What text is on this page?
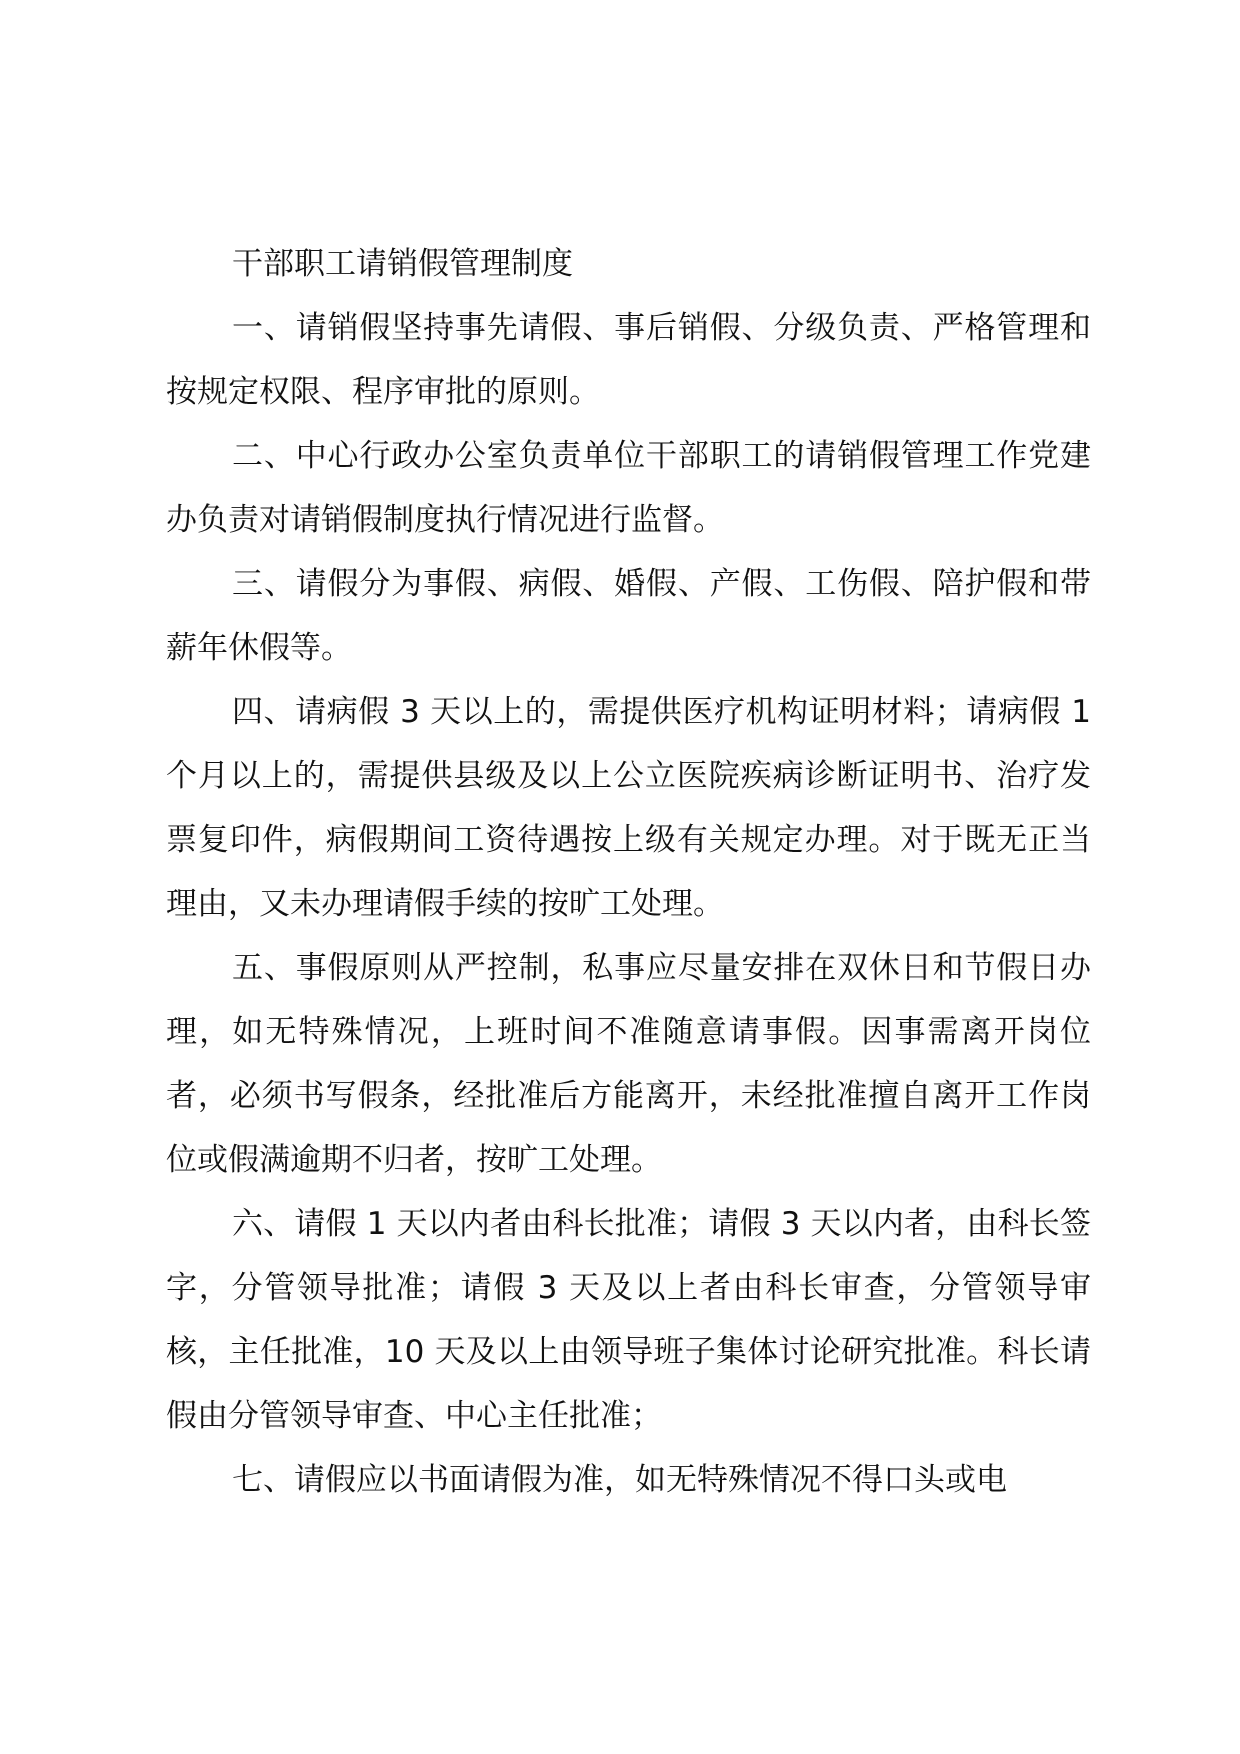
干部职工请销假管理制度

一、请销假坚持事先请假、事后销假、分级负责、严格管理和按规定权限、程序审批的原则。

二、中心行政办公室负责单位干部职工的请销假管理工作党建办负责对请销假制度执行情况进行监督。

三、请假分为事假、病假、婚假、产假、工伤假、陪护假和带薪年休假等。

四、请病假 3 天以上的，需提供医疗机构证明材料；请病假 1 个月以上的，需提供县级及以上公立医院疾病诊断证明书、治疗发票复印件，病假期间工资待遇按上级有关规定办理。对于既无正当理由，又未办理请假手续的按旷工处理。

五、事假原则从严控制，私事应尽量安排在双休日和节假日办理，如无特殊情况，上班时间不准随意请事假。因事需离开岗位者，必须书写假条，经批准后方能离开，未经批准擅自离开工作岗位或假满逾期不归者，按旷工处理。

六、请假 1 天以内者由科长批准；请假 3 天以内者，由科长签字，分管领导批准；请假 3 天及以上者由科长审查，分管领导审核，主任批准，10 天及以上由领导班子集体讨论研究批准。科长请假由分管领导审查、中心主任批准；

七、请假应以书面请假为准，如无特殊情况不得口头或电
